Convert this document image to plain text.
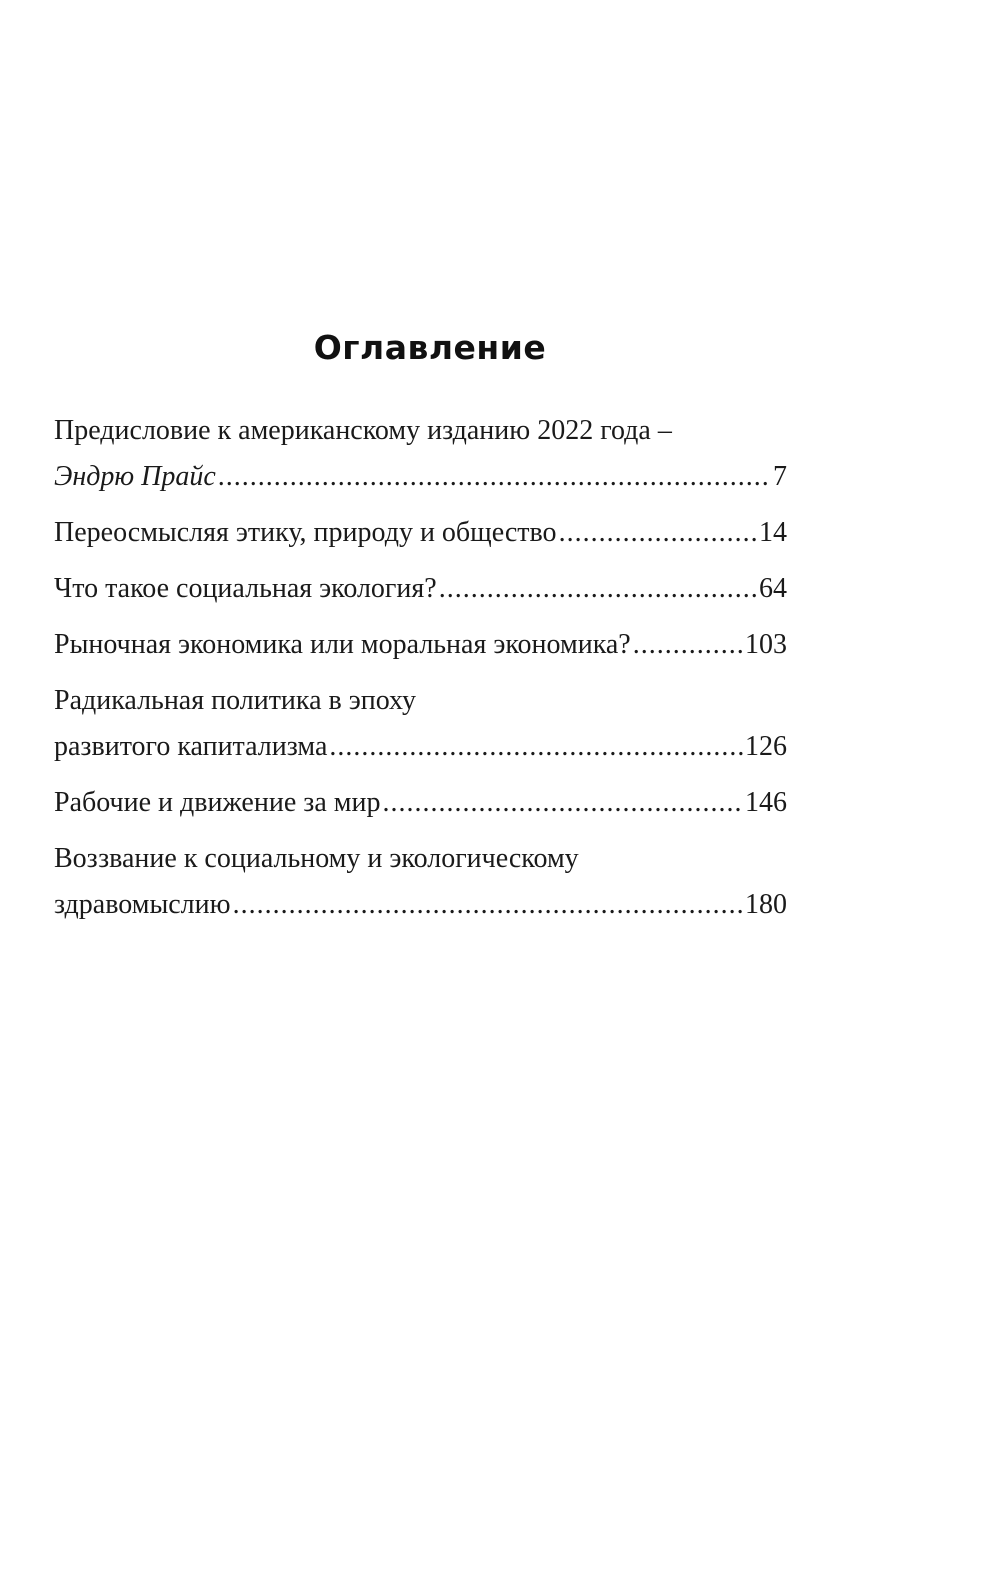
Оглавление
Предисловие к американскому изданию 2022 года –
Эндрю Прайс .....	7
Переосмысляя этику, природу и общество .....	14
Что такое социальная экология? .....	64
Рыночная экономика или моральная экономика? .....	103
Радикальная политика в эпоху
развитого капитализма .....	126
Рабочие и движение за мир .....	146
Воззвание к социальному и экологическому
здравомыслию .....	180
